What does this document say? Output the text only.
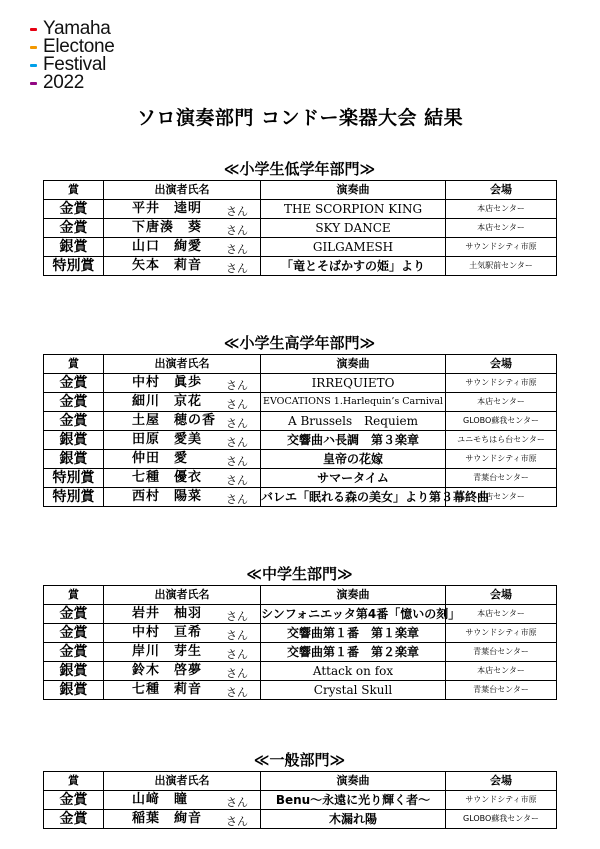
Yamaha
Electone
Festival
2022
ソロ演奏部門 コンドー楽器大会 結果
≪小学生低学年部門≫
賞	出演者氏名	演奏曲	会場
金賞	平井　逵明 さん	THE SCORPION KING	本店センター
金賞	下唐湊　葵 さん	SKY DANCE	本店センター
銀賞	山口　絢愛 さん	GILGAMESH	サウンドシティ市原
特別賞	矢本　莉音 さん	「竜とそばかすの姫」より	土気駅前センター
≪小学生高学年部門≫
賞	出演者氏名	演奏曲	会場
金賞	中村　眞歩 さん	IRREQUIETO	サウンドシティ市原
金賞	細川　京花 さん	EVOCATIONS 1.Harlequin’s Carnival	本店センター
金賞	土屋　穂の香 さん	A Brussels　Requiem	GLOBO蘇我センター
銀賞	田原　愛美 さん	交響曲ハ長調　第３楽章	ユニモちはら台センター
銀賞	仲田　愛 さん	皇帝の花嫁	サウンドシティ市原
特別賞	七種　優衣 さん	サマータイム	青葉台センター
特別賞	西村　陽菜 さん	バレエ「眠れる森の美女」より第３幕終曲	本店センター
≪中学生部門≫
賞	出演者氏名	演奏曲	会場
金賞	岩井　柚羽 さん	シンフォニエッタ第4番「憶いの刻」	本店センター
金賞	中村　亘希 さん	交響曲第１番　第１楽章	サウンドシティ市原
金賞	岸川　芽生 さん	交響曲第１番　第２楽章	青葉台センター
銀賞	鈴木　啓夢 さん	Attack on fox	本店センター
銀賞	七種　莉音 さん	Crystal Skull	青葉台センター
≪一般部門≫
賞	出演者氏名	演奏曲	会場
金賞	山﨑　瞳 さん	Benu～永遠に光り輝く者～	サウンドシティ市原
金賞	稲葉　絢音 さん	木漏れ陽	GLOBO蘇我センター
